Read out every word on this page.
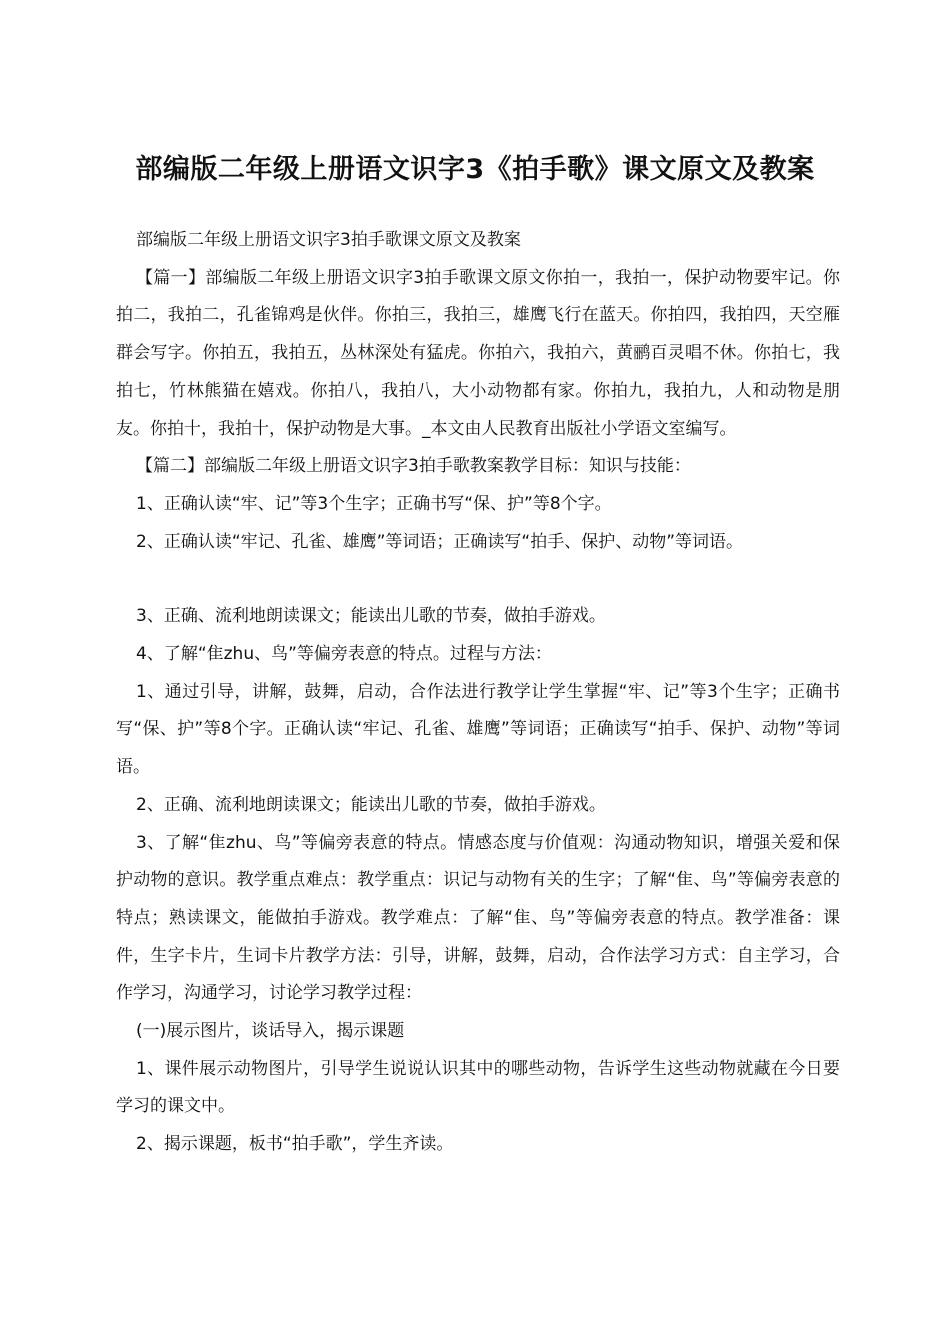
部编版二年级上册语文识字3《拍手歌》课文原文及教案

部编版二年级上册语文识字3拍手歌课文原文及教案

【篇一】部编版二年级上册语文识字3拍手歌课文原文你拍一，我拍一，保护动物要牢记。你拍二，我拍二，孔雀锦鸡是伙伴。你拍三，我拍三，雄鹰飞行在蓝天。你拍四，我拍四，天空雁群会写字。你拍五，我拍五，丛林深处有猛虎。你拍六，我拍六，黄鹂百灵唱不休。你拍七，我拍七，竹林熊猫在嬉戏。你拍八，我拍八，大小动物都有家。你拍九，我拍九，人和动物是朋友。你拍十，我拍十，保护动物是大事。_本文由人民教育出版社小学语文室编写。

【篇二】部编版二年级上册语文识字3拍手歌教案教学目标：知识与技能：

1、正确认读“牢、记”等3个生字；正确书写“保、护”等8个字。

2、正确认读“牢记、孔雀、雄鹰”等词语；正确读写“拍手、保护、动物”等词语。

3、正确、流利地朗读课文；能读出儿歌的节奏，做拍手游戏。

4、了解“隹zhu、鸟”等偏旁表意的特点。过程与方法：

1、通过引导，讲解，鼓舞，启动，合作法进行教学让学生掌握“牢、记”等3个生字；正确书写“保、护”等8个字。正确认读“牢记、孔雀、雄鹰”等词语；正确读写“拍手、保护、动物”等词语。

2、正确、流利地朗读课文；能读出儿歌的节奏，做拍手游戏。

3、了解“隹zhu、鸟”等偏旁表意的特点。情感态度与价值观：沟通动物知识，增强关爱和保护动物的意识。教学重点难点：教学重点：识记与动物有关的生字；了解“隹、鸟”等偏旁表意的特点；熟读课文，能做拍手游戏。教学难点：了解“隹、鸟”等偏旁表意的特点。教学准备：课件，生字卡片，生词卡片教学方法：引导，讲解，鼓舞，启动，合作法学习方式：自主学习，合作学习，沟通学习，讨论学习教学过程：

(一)展示图片，谈话导入，揭示课题

1、课件展示动物图片，引导学生说说认识其中的哪些动物，告诉学生这些动物就藏在今日要学习的课文中。

2、揭示课题，板书“拍手歌”，学生齐读。
